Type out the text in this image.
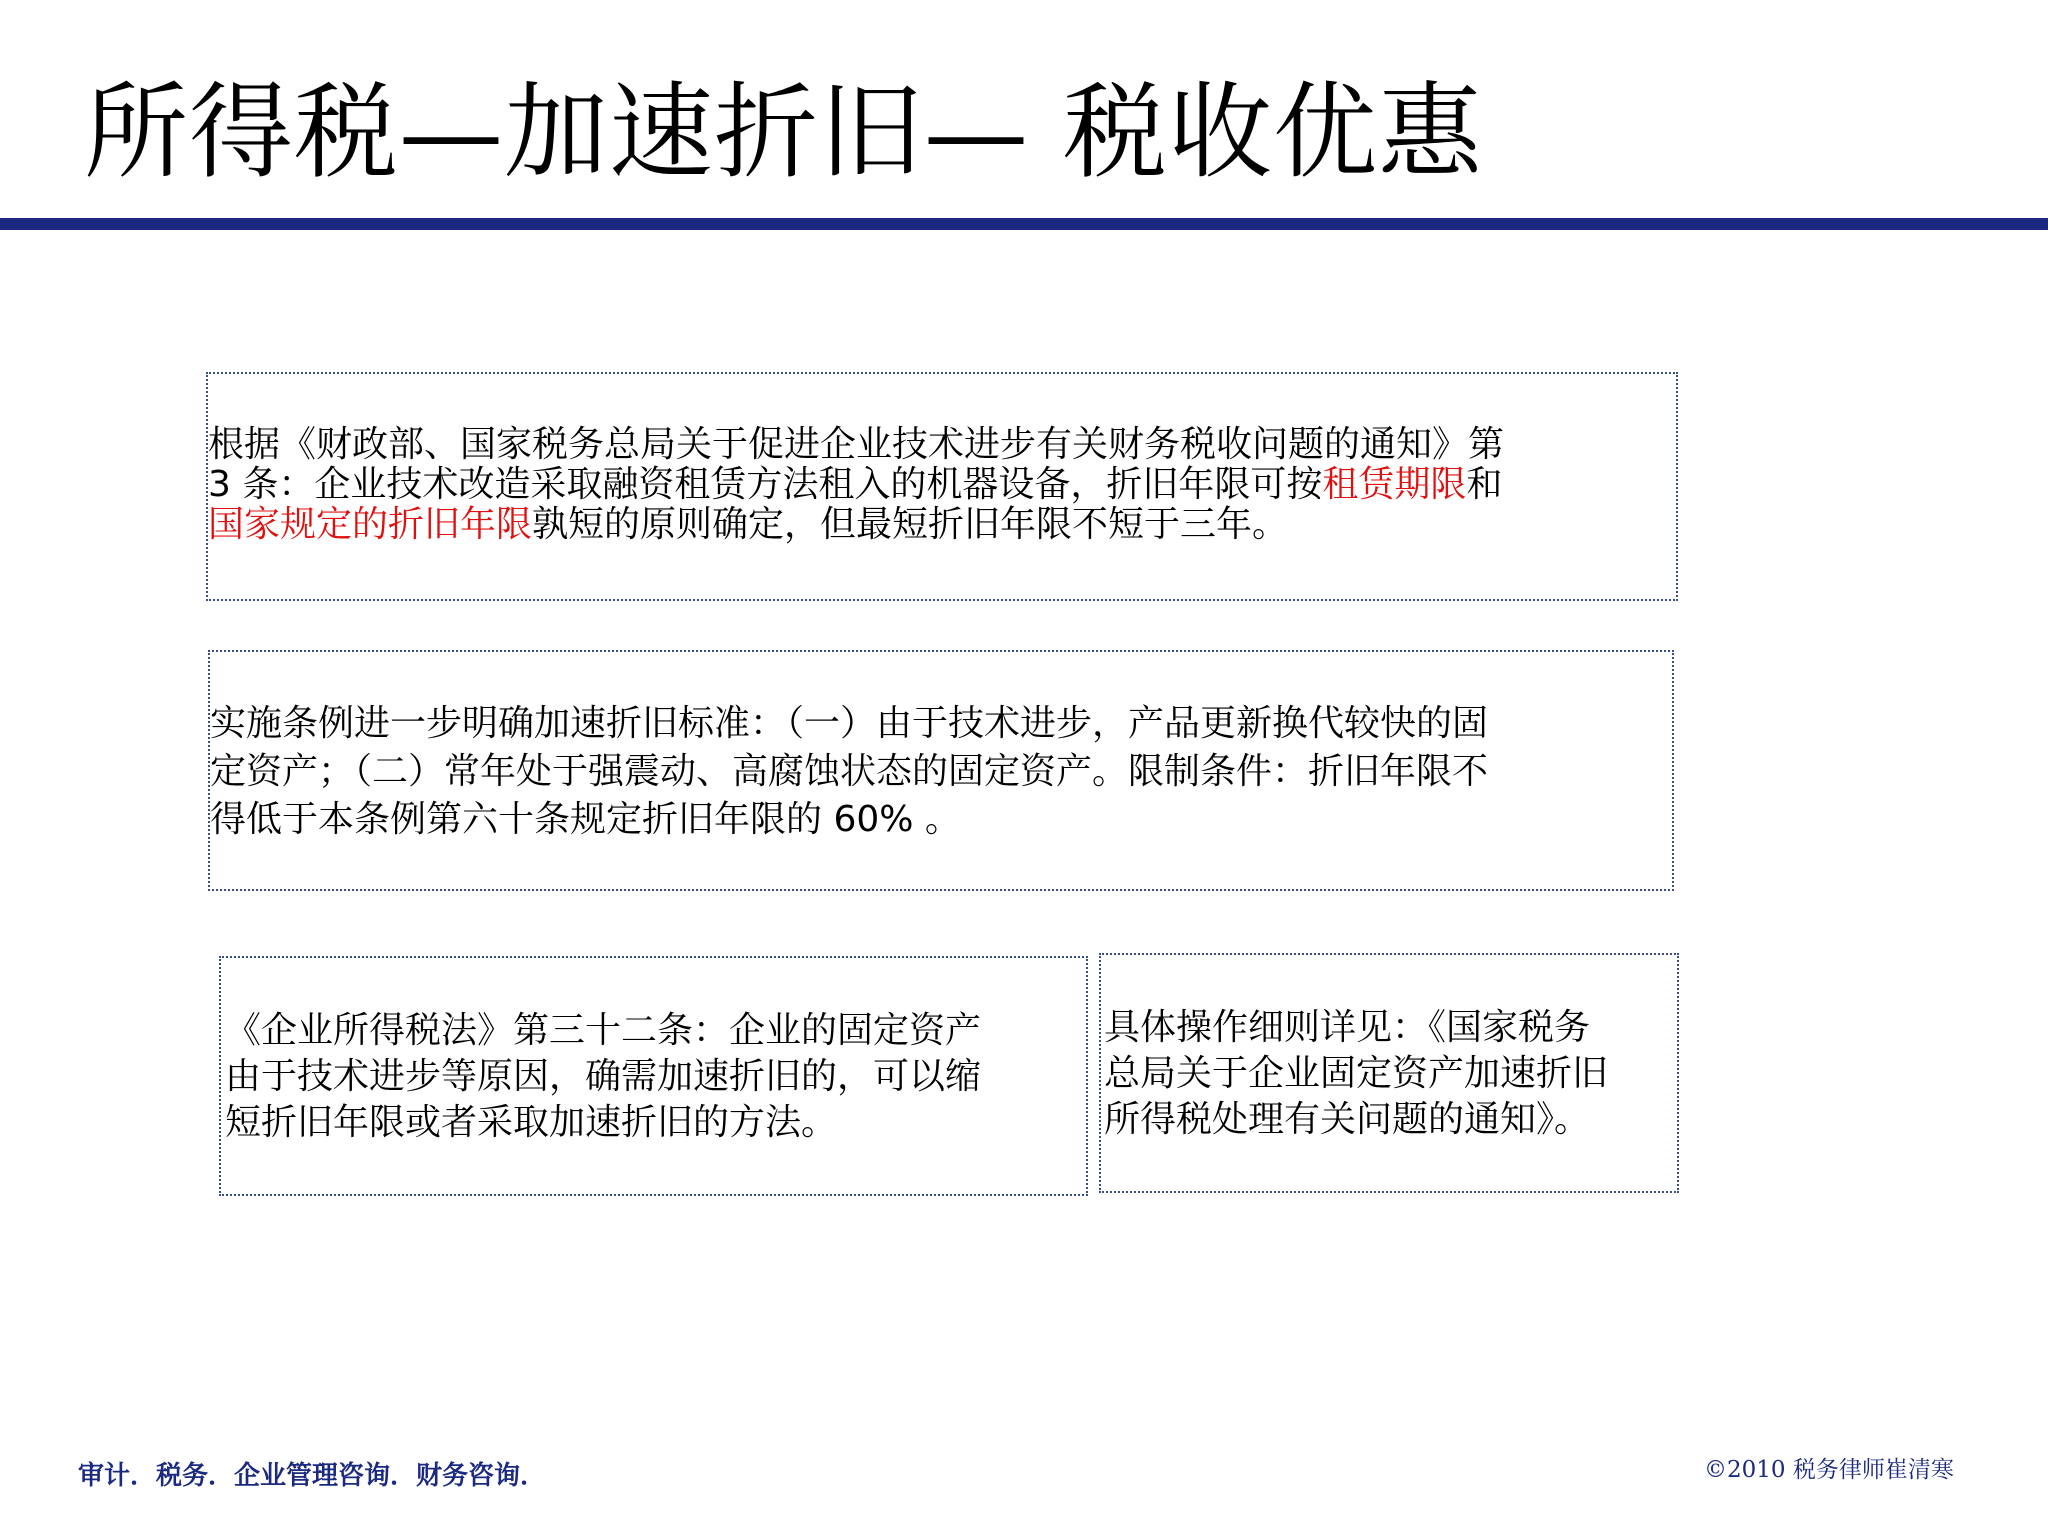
所得税—加速折旧— 税收优惠
根据《财政部、国家税务总局关于促进企业技术进步有关财务税收问题的通知》第
3 条：企业技术改造采取融资租赁方法租入的机器设备，折旧年限可按租赁期限和
国家规定的折旧年限孰短的原则确定，但最短折旧年限不短于三年。
实施条例进一步明确加速折旧标准：（一）由于技术进步，产品更新换代较快的固
定资产；（二）常年处于强震动、高腐蚀状态的固定资产。限制条件：折旧年限不
得低于本条例第六十条规定折旧年限的 60% 。
《企业所得税法》第三十二条：企业的固定资产
由于技术进步等原因，确需加速折旧的，可以缩
短折旧年限或者采取加速折旧的方法。
具体操作细则详见：《国家税务
总局关于企业固定资产加速折旧
所得税处理有关问题的通知》。
审计．税务．企业管理咨询．财务咨询．	©2010 税务律师崔清寒
